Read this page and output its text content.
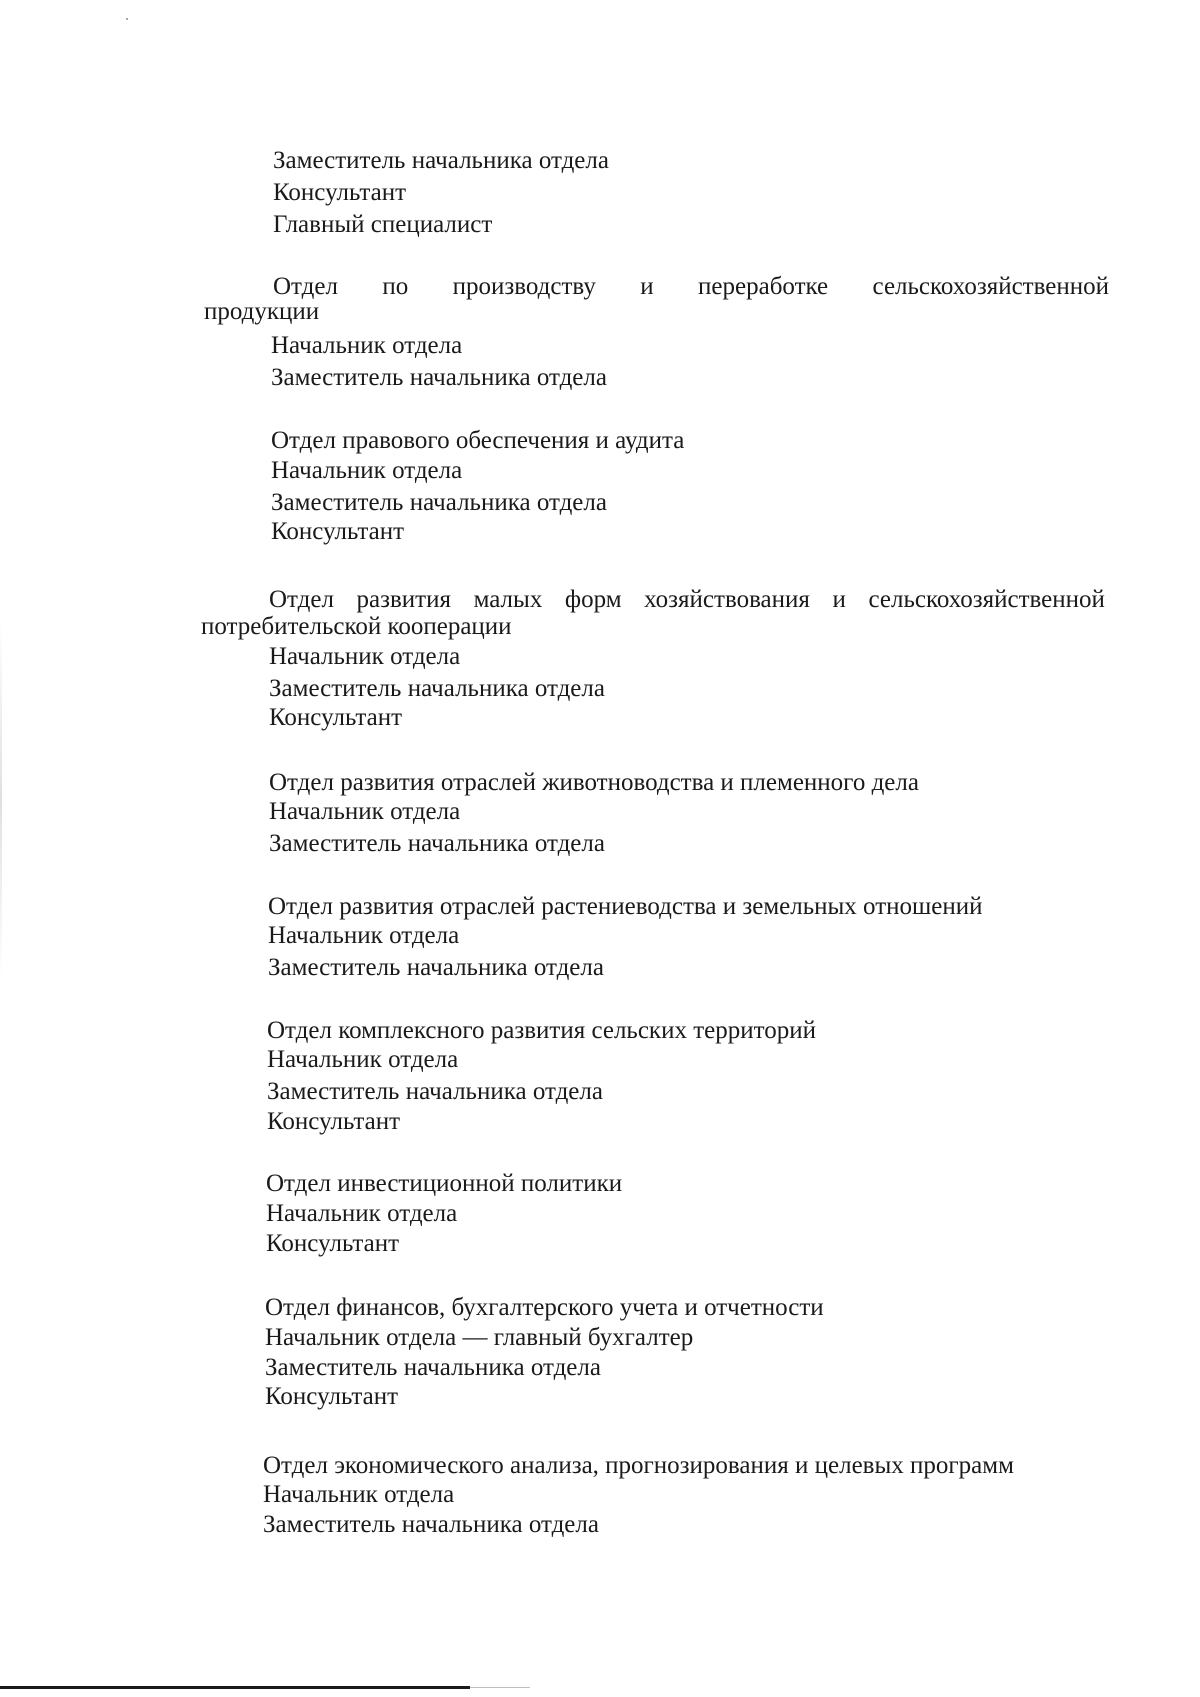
Заместитель начальника отдела
Консультант
Главный специалист
Отдел по производству и переработке сельскохозяйственной
продукции
Начальник отдела
Заместитель начальника отдела
Отдел правового обеспечения и аудита
Начальник отдела
Заместитель начальника отдела
Консультант
Отдел развития малых форм хозяйствования и сельскохозяйственной
потребительской кооперации
Начальник отдела
Заместитель начальника отдела
Консультант
Отдел развития отраслей животноводства и племенного дела
Начальник отдела
Заместитель начальника отдела
Отдел развития отраслей растениеводства и земельных отношений
Начальник отдела
Заместитель начальника отдела
Отдел комплексного развития сельских территорий
Начальник отдела
Заместитель начальника отдела
Консультант
Отдел инвестиционной политики
Начальник отдела
Консультант
Отдел финансов, бухгалтерского учета и отчетности
Начальник отдела — главный бухгалтер
Заместитель начальника отдела
Консультант
Отдел экономического анализа, прогнозирования и целевых программ
Начальник отдела
Заместитель начальника отдела
